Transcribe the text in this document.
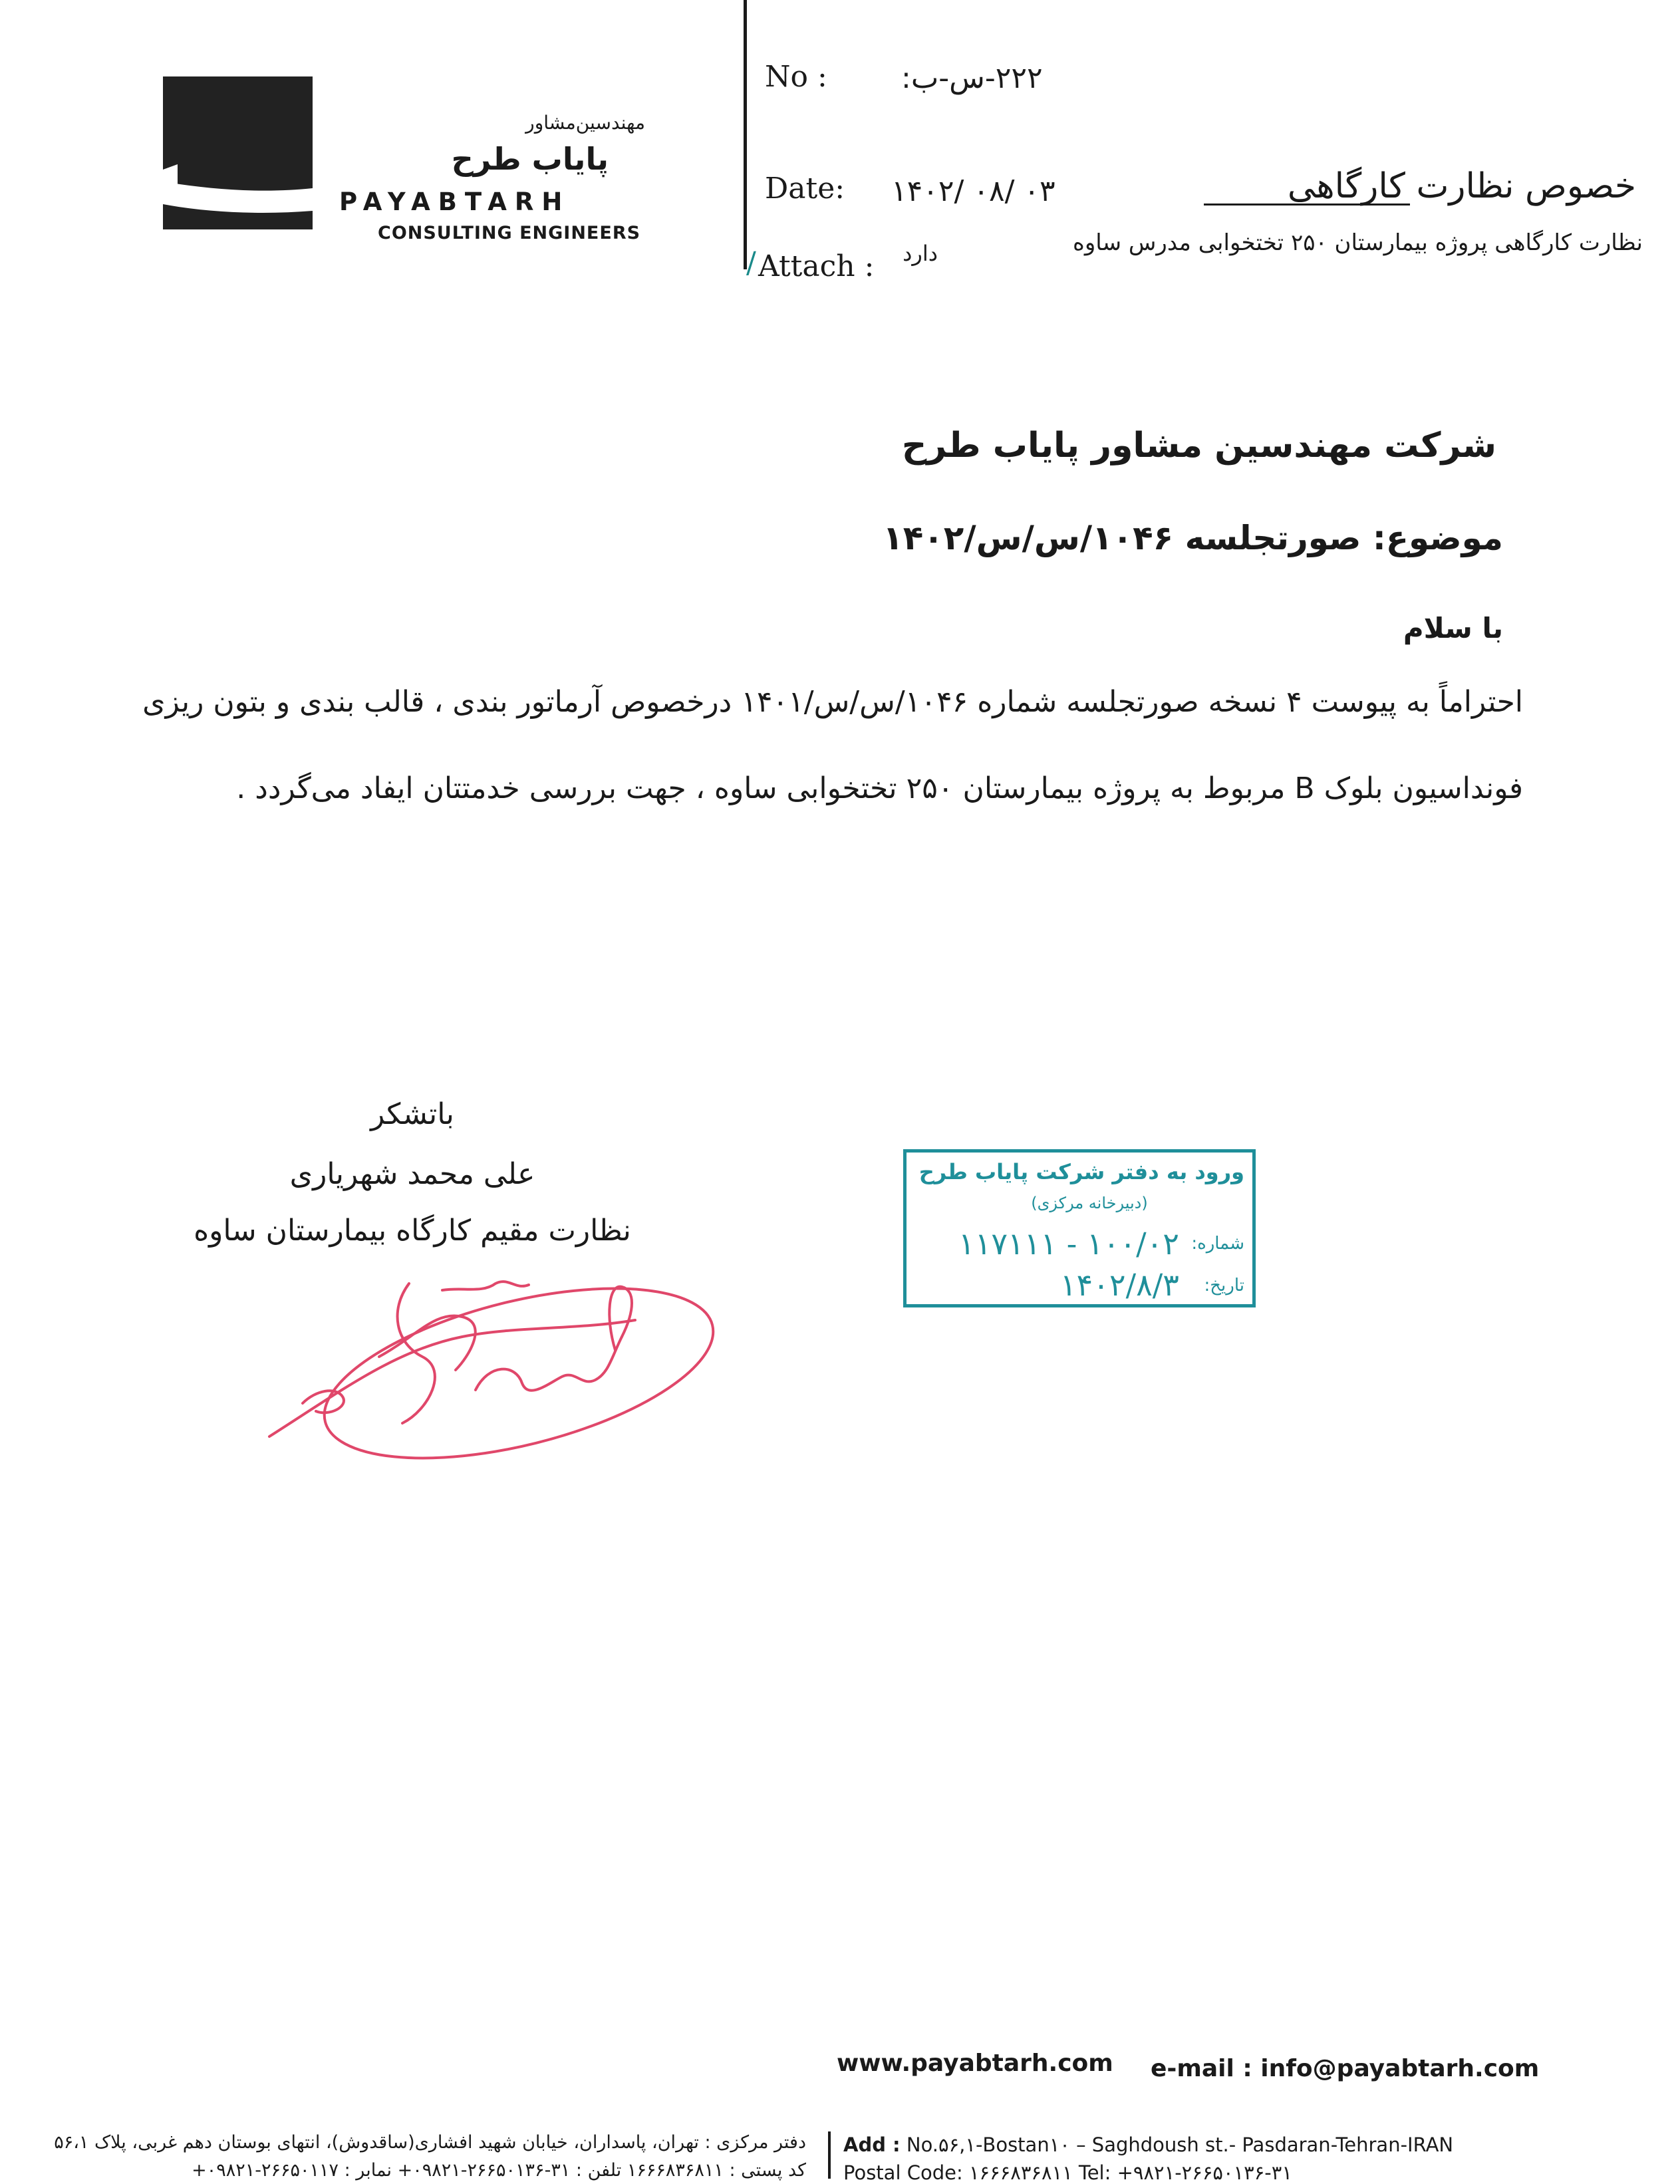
مهندسین‌مشاور
پایاب طرح
PAYABTARH
CONSULTING ENGINEERS
No :	۲۲۲-س-ب:
Date: ۱۴۰۲/ ۰۸/ ۰۳
/ Attach :	دارد
خصوص نظارت کارگاهی
نظارت کارگاهی پروژه بیمارستان ۲۵۰ تختخوابی مدرس ساوه
شرکت مهندسین مشاور پایاب طرح
موضوع: صورتجلسه ۱۰۴۶/س/س/۱۴۰۲
با سلام
احتراماً به پیوست ۴ نسخه صورتجلسه شماره ۱۰۴۶/س/س/۱۴۰۱ درخصوص آرماتور بندی ، قالب بندی و بتون ریزی
فونداسیون بلوک B مربوط به پروژه بیمارستان ۲۵۰ تختخوابی ساوه ، جهت بررسی خدمتتان ایفاد می‌گردد .
باتشکر
علی محمد شهریاری
نظارت مقیم کارگاه بیمارستان ساوه
ورود به دفتر شرکت پایاب طرح
(دبیرخانه مرکزی)
شماره:
۱۰۰/۰۲ - ۱۱۷۱۱۱
تاریخ:
۱۴۰۲/۸/۳
www.payabtarh.com e-mail : info@payabtarh.com
دفتر مرکزی : تهران، پاسداران، خیابان شهید افشاری(ساقدوش)، انتهای بوستان دهم غربی، پلاک ۵۶،۱
کد پستی : ۱۶۶۶۸۳۶۸۱۱ تلفن : ۳۱-۲۶۶۵۰۱۳۶-۰۹۸۲۱+ نمابر : ۲۶۶۵۰۱۱۷-۰۹۸۲۱+
Add : No.۵۶,۱-Bostan۱۰ – Saghdoush st.- Pasdaran-Tehran-IRAN
Postal Code: ۱۶۶۶۸۳۶۸۱۱ Tel: +۹۸۲۱-۲۶۶۵۰۱۳۶-۳۱
